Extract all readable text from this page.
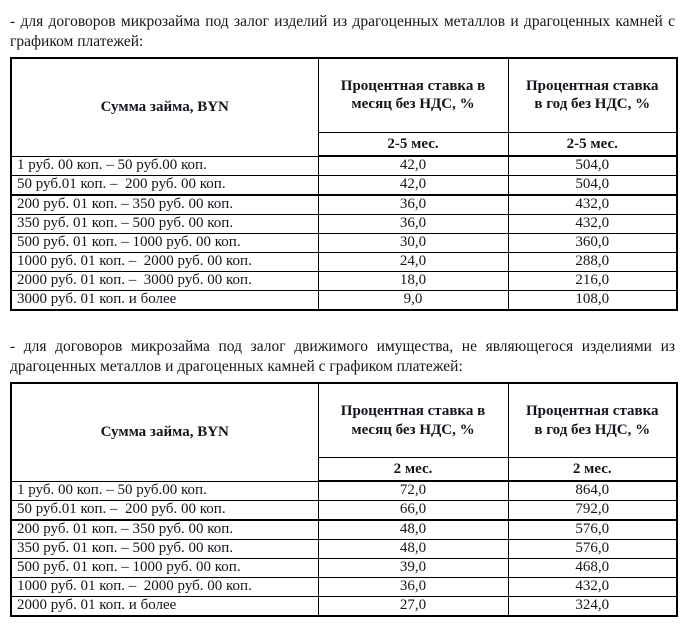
- для договоров микрозайма под залог изделий из драгоценных металлов и драгоценных камней с графиком платежей:

Сумма займа, BYN	Процентная ставка в месяц без НДС, %	Процентная ставка в год без НДС, %
	2-5 мес.	2-5 мес.
1 руб. 00 коп. – 50 руб.00 коп.	42,0	504,0
50 руб.01 коп. –  200 руб. 00 коп.	42,0	504,0
200 руб. 01 коп. – 350 руб. 00 коп.	36,0	432,0
350 руб. 01 коп. – 500 руб. 00 коп.	36,0	432,0
500 руб. 01 коп. – 1000 руб. 00 коп.	30,0	360,0
1000 руб. 01 коп. –  2000 руб. 00 коп.	24,0	288,0
2000 руб. 01 коп. –  3000 руб. 00 коп.	18,0	216,0
3000 руб. 01 коп. и более	9,0	108,0

- для договоров микрозайма под залог движимого имущества, не являющегося изделиями из драгоценных металлов и драгоценных камней с графиком платежей:

Сумма займа, BYN	Процентная ставка в месяц без НДС, %	Процентная ставка в год без НДС, %
	2 мес.	2 мес.
1 руб. 00 коп. – 50 руб.00 коп.	72,0	864,0
50 руб.01 коп. –  200 руб. 00 коп.	66,0	792,0
200 руб. 01 коп. – 350 руб. 00 коп.	48,0	576,0
350 руб. 01 коп. – 500 руб. 00 коп.	48,0	576,0
500 руб. 01 коп. – 1000 руб. 00 коп.	39,0	468,0
1000 руб. 01 коп. –  2000 руб. 00 коп.	36,0	432,0
2000 руб. 01 коп. и более	27,0	324,0
